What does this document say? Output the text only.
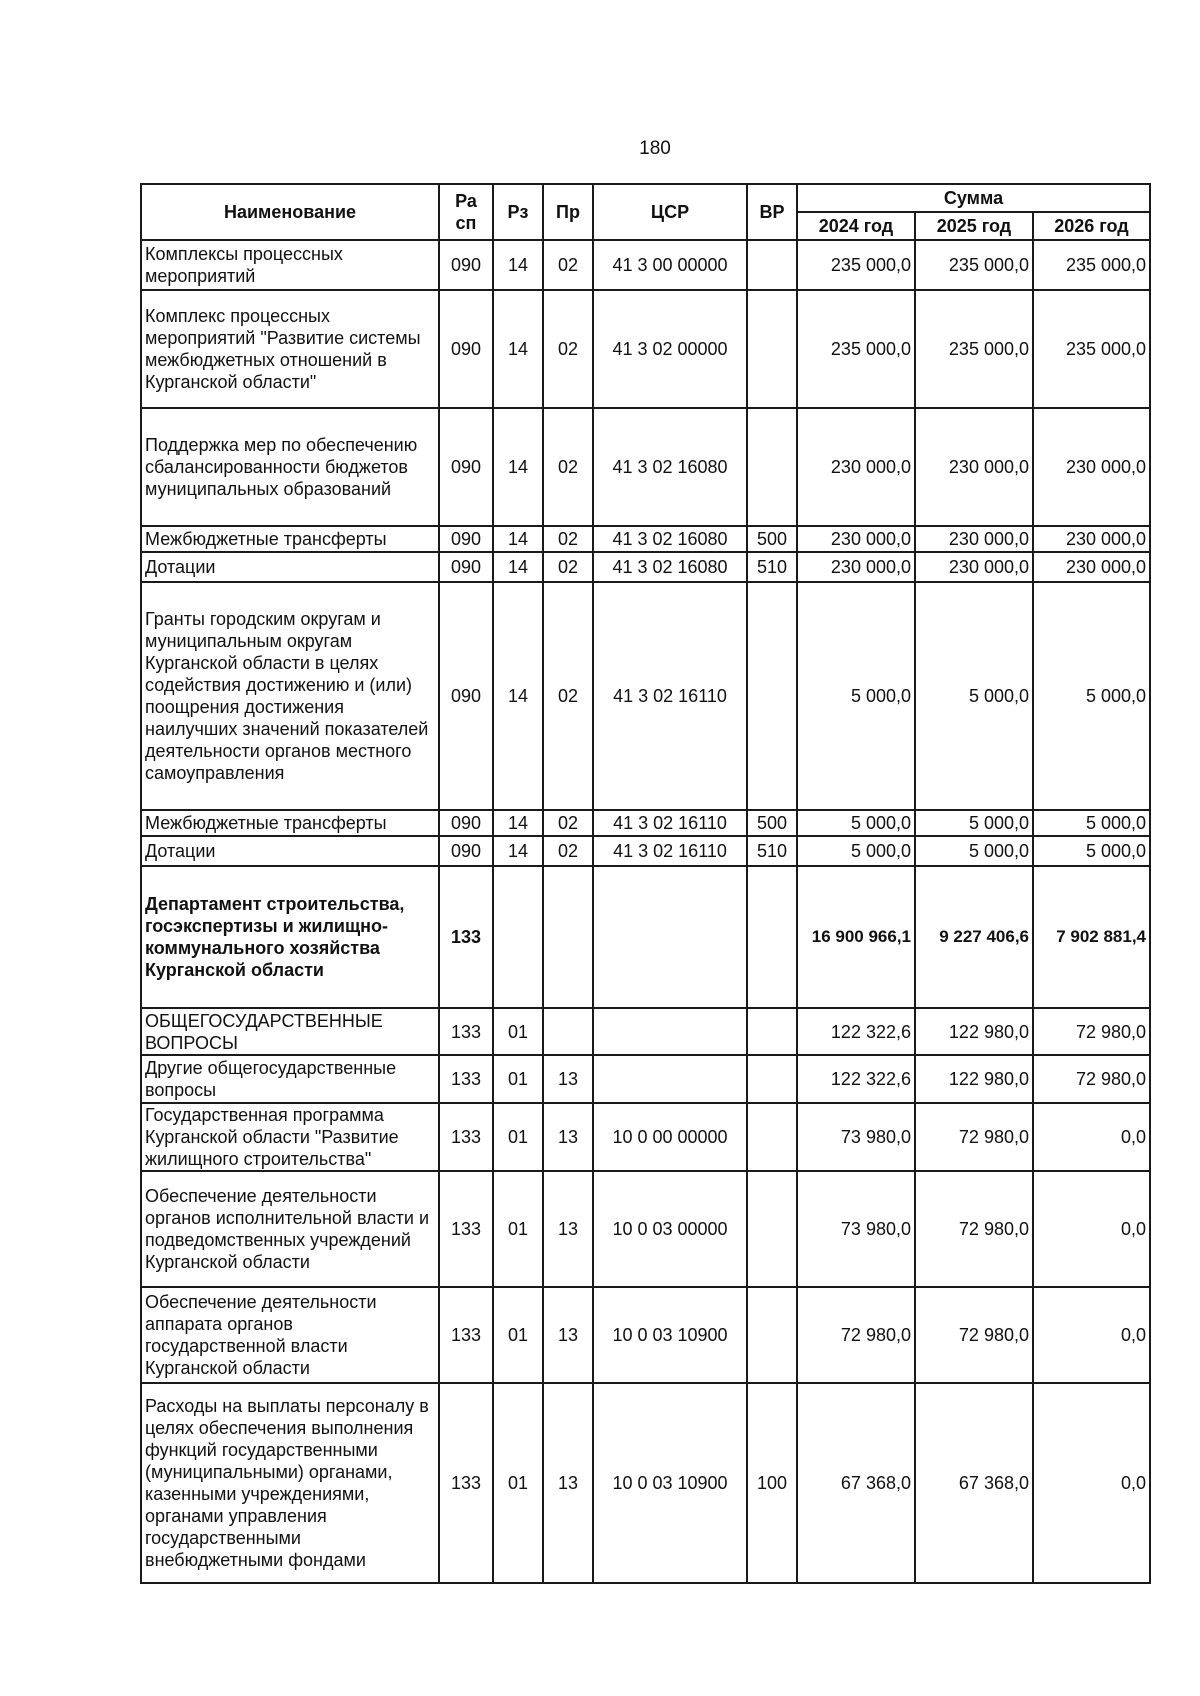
180
Наименование	Ра сп	Рз	Пр	ЦСР	ВР	Сумма		
						2024 год	2025 год	2026 год
Комплексы процессных мероприятий	090	14	02	41 3 00 00000		235 000,0	235 000,0	235 000,0
Комплекс процессных мероприятий "Развитие системы межбюджетных отношений в Курганской области"	090	14	02	41 3 02 00000		235 000,0	235 000,0	235 000,0
Поддержка мер по обеспечению сбалансированности бюджетов муниципальных образований	090	14	02	41 3 02 16080		230 000,0	230 000,0	230 000,0
Межбюджетные трансферты	090	14	02	41 3 02 16080	500	230 000,0	230 000,0	230 000,0
Дотации	090	14	02	41 3 02 16080	510	230 000,0	230 000,0	230 000,0
Гранты городским округам и муниципальным округам Курганской области в целях содействия достижению и (или) поощрения достижения наилучших значений показателей деятельности органов местного самоуправления	090	14	02	41 3 02 16110		5 000,0	5 000,0	5 000,0
Межбюджетные трансферты	090	14	02	41 3 02 16110	500	5 000,0	5 000,0	5 000,0
Дотации	090	14	02	41 3 02 16110	510	5 000,0	5 000,0	5 000,0
Департамент строительства, госэкспертизы и жилищно-коммунального хозяйства Курганской области	133					16 900 966,1	9 227 406,6	7 902 881,4
ОБЩЕГОСУДАРСТВЕННЫЕ ВОПРОСЫ	133	01				122 322,6	122 980,0	72 980,0
Другие общегосударственные вопросы	133	01	13			122 322,6	122 980,0	72 980,0
Государственная программа Курганской области "Развитие жилищного строительства"	133	01	13	10 0 00 00000		73 980,0	72 980,0	0,0
Обеспечение деятельности органов исполнительной власти и подведомственных учреждений Курганской области	133	01	13	10 0 03 00000		73 980,0	72 980,0	0,0
Обеспечение деятельности аппарата органов государственной власти Курганской области	133	01	13	10 0 03 10900		72 980,0	72 980,0	0,0
Расходы на выплаты персоналу в целях обеспечения выполнения функций государственными (муниципальными) органами, казенными учреждениями, органами управления государственными внебюджетными фондами	133	01	13	10 0 03 10900	100	67 368,0	67 368,0	0,0
